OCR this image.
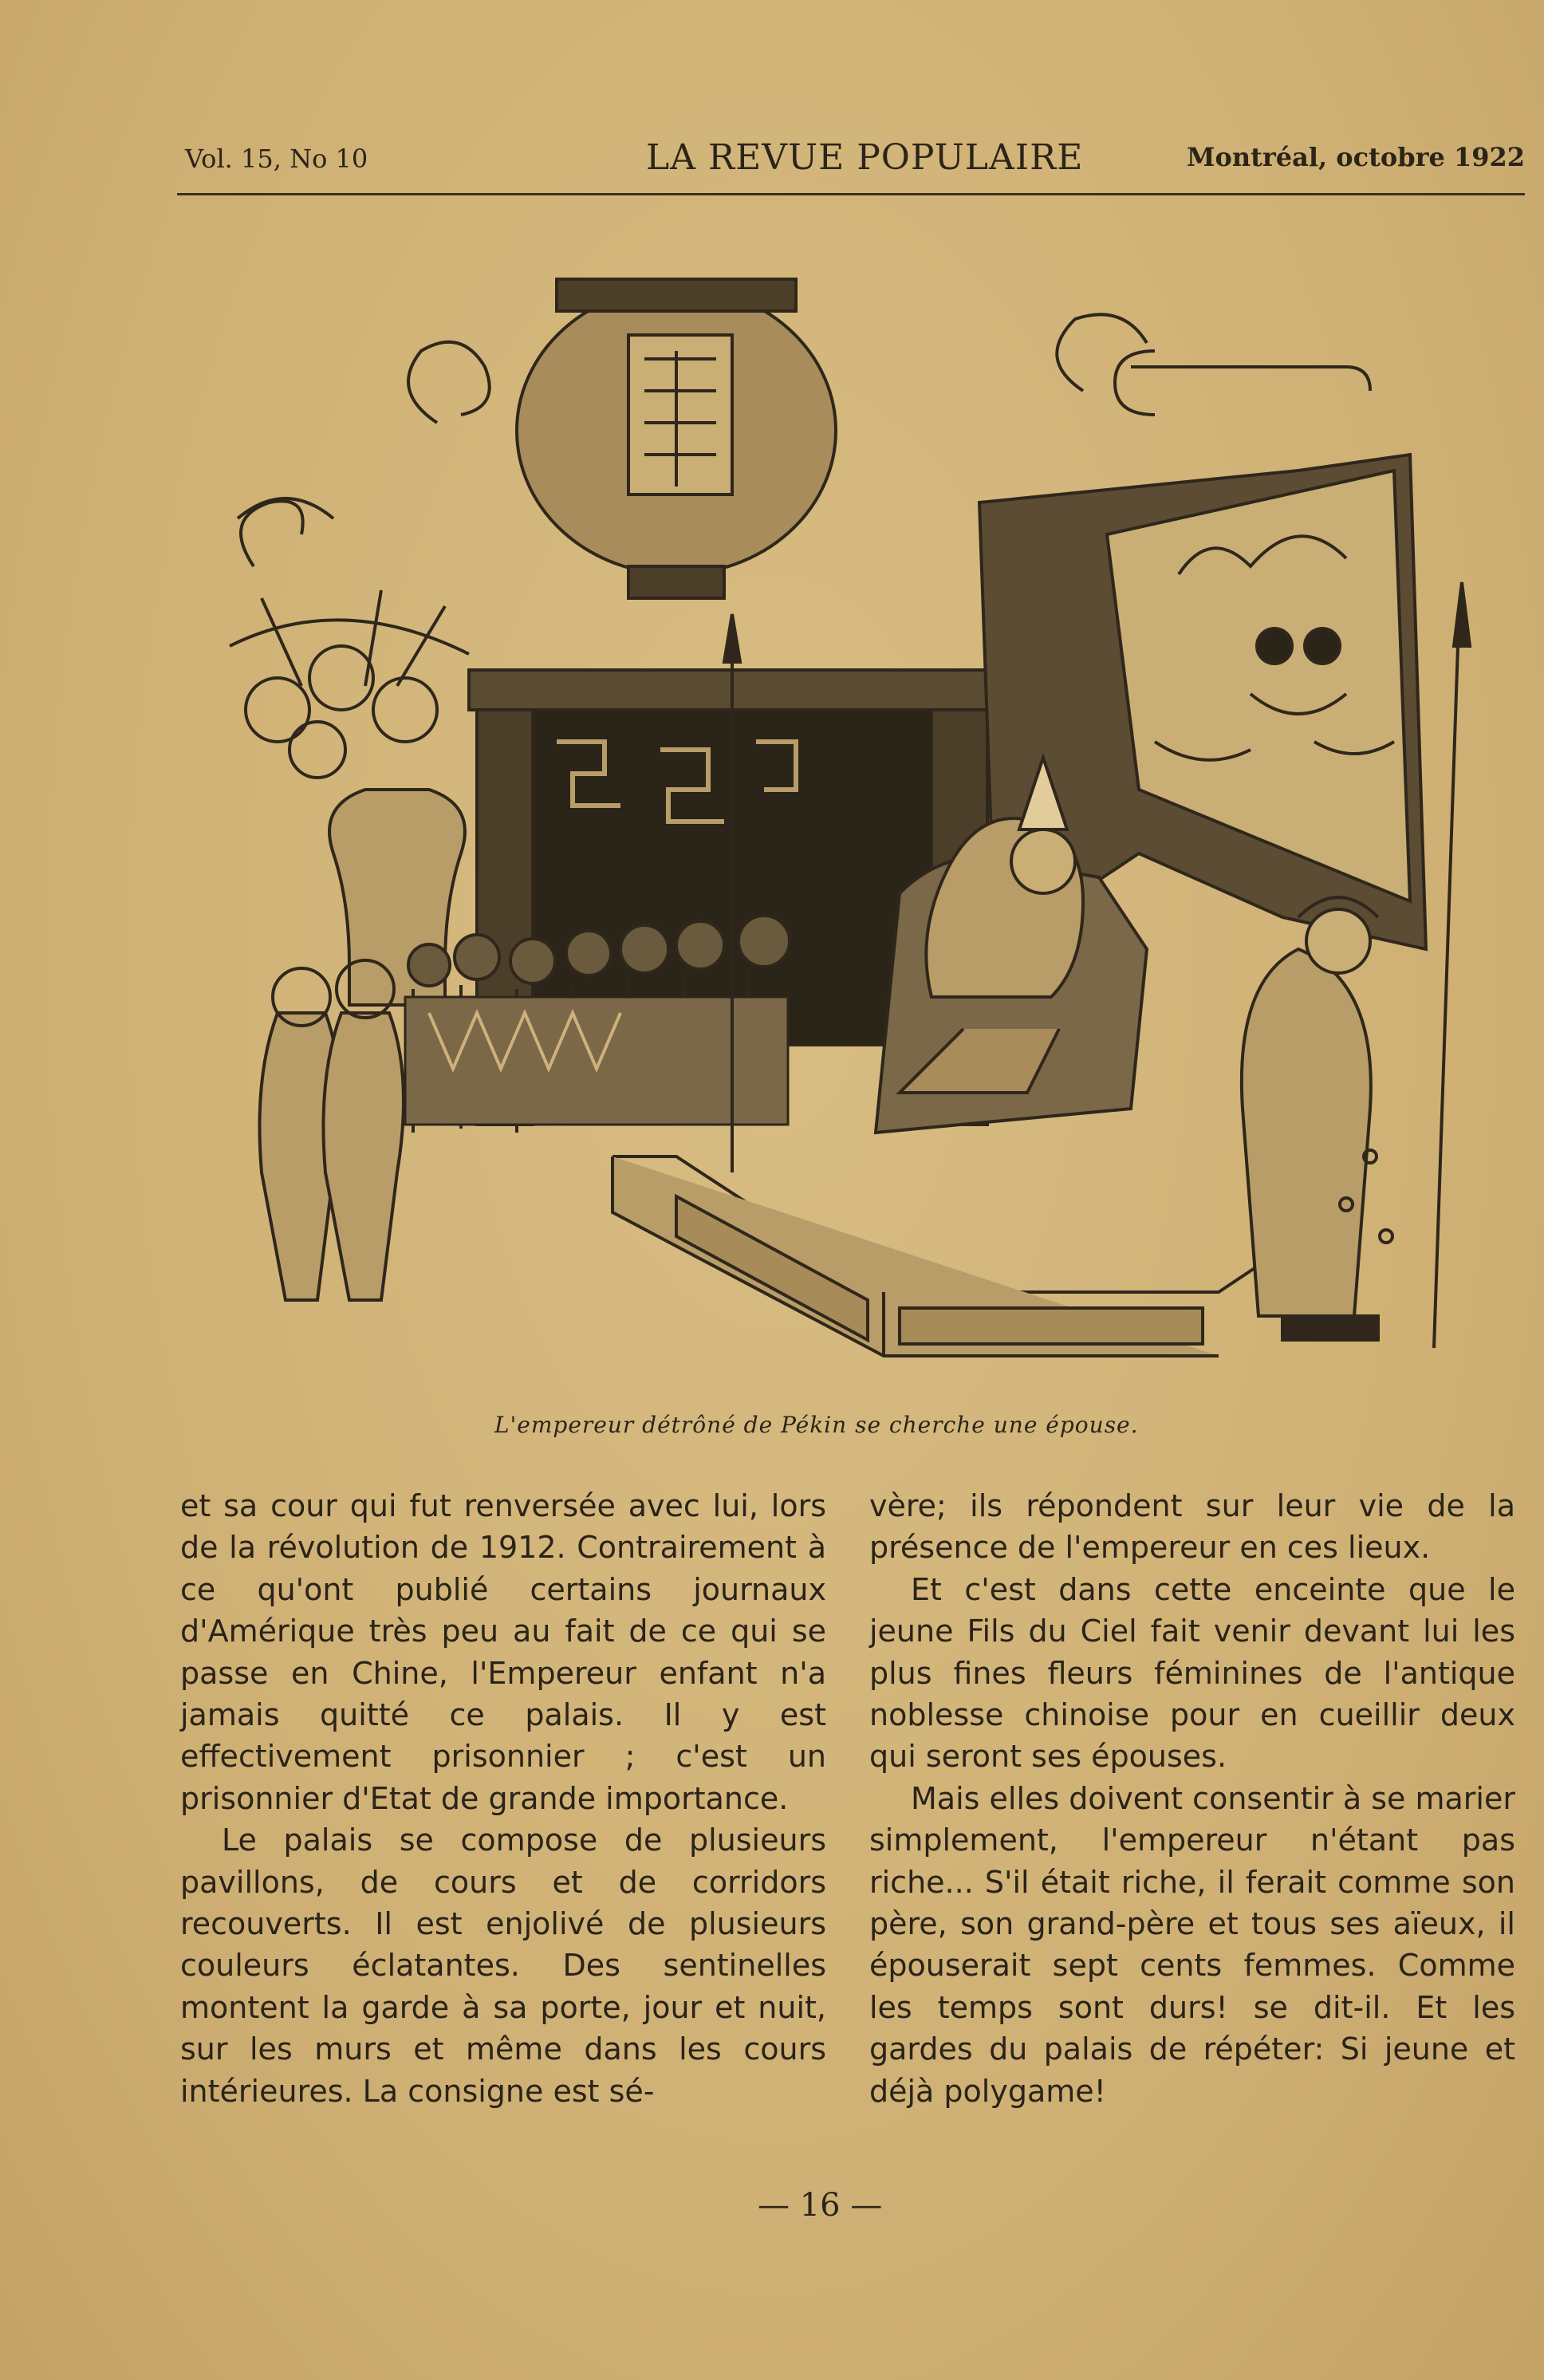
Vol. 15, No 10	LA REVUE POPULAIRE	Montréal, octobre 1922
L'empereur détrôné de Pékin se cherche une épouse.

et sa cour qui fut renversée avec lui, lors de la révolution de 1912. Contrairement à ce qu'ont publié certains journaux d'Amérique très peu au fait de ce qui se passe en Chine, l'Empereur enfant n'a jamais quitté ce palais. Il y est effectivement prisonnier ; c'est un prisonnier d'Etat de grande importance.

Le palais se compose de plusieurs pavillons, de cours et de corridors recouverts. Il est enjolivé de plusieurs couleurs éclatantes. Des sentinelles montent la garde à sa porte, jour et nuit, sur les murs et même dans les cours intérieures. La consigne est sé-

vère; ils répondent sur leur vie de la présence de l'empereur en ces lieux.

Et c'est dans cette enceinte que le jeune Fils du Ciel fait venir devant lui les plus fines fleurs féminines de l'antique noblesse chinoise pour en cueillir deux qui seront ses épouses.

Mais elles doivent consentir à se marier simplement, l'empereur n'étant pas riche... S'il était riche, il ferait comme son père, son grand-père et tous ses aïeux, il épouserait sept cents femmes. Comme les temps sont durs! se dit-il. Et les gardes du palais de répéter: Si jeune et déjà polygame!

— 16 —
